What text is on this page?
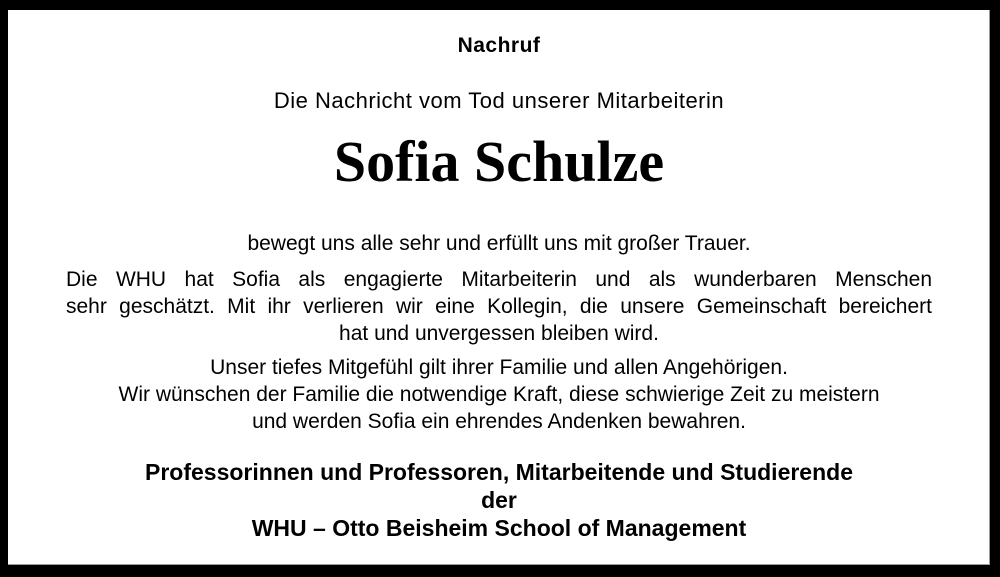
Nachruf
Die Nachricht vom Tod unserer Mitarbeiterin
Sofia Schulze
bewegt uns alle sehr und erfüllt uns mit großer Trauer.
Die WHU hat Sofia als engagierte Mitarbeiterin und als wunderbaren Menschen
sehr geschätzt. Mit ihr verlieren wir eine Kollegin, die unsere Gemeinschaft bereichert
hat und unvergessen bleiben wird.
Unser tiefes Mitgefühl gilt ihrer Familie und allen Angehörigen.
Wir wünschen der Familie die notwendige Kraft, diese schwierige Zeit zu meistern
und werden Sofia ein ehrendes Andenken bewahren.
Professorinnen und Professoren, Mitarbeitende und Studierende
der
WHU – Otto Beisheim School of Management
